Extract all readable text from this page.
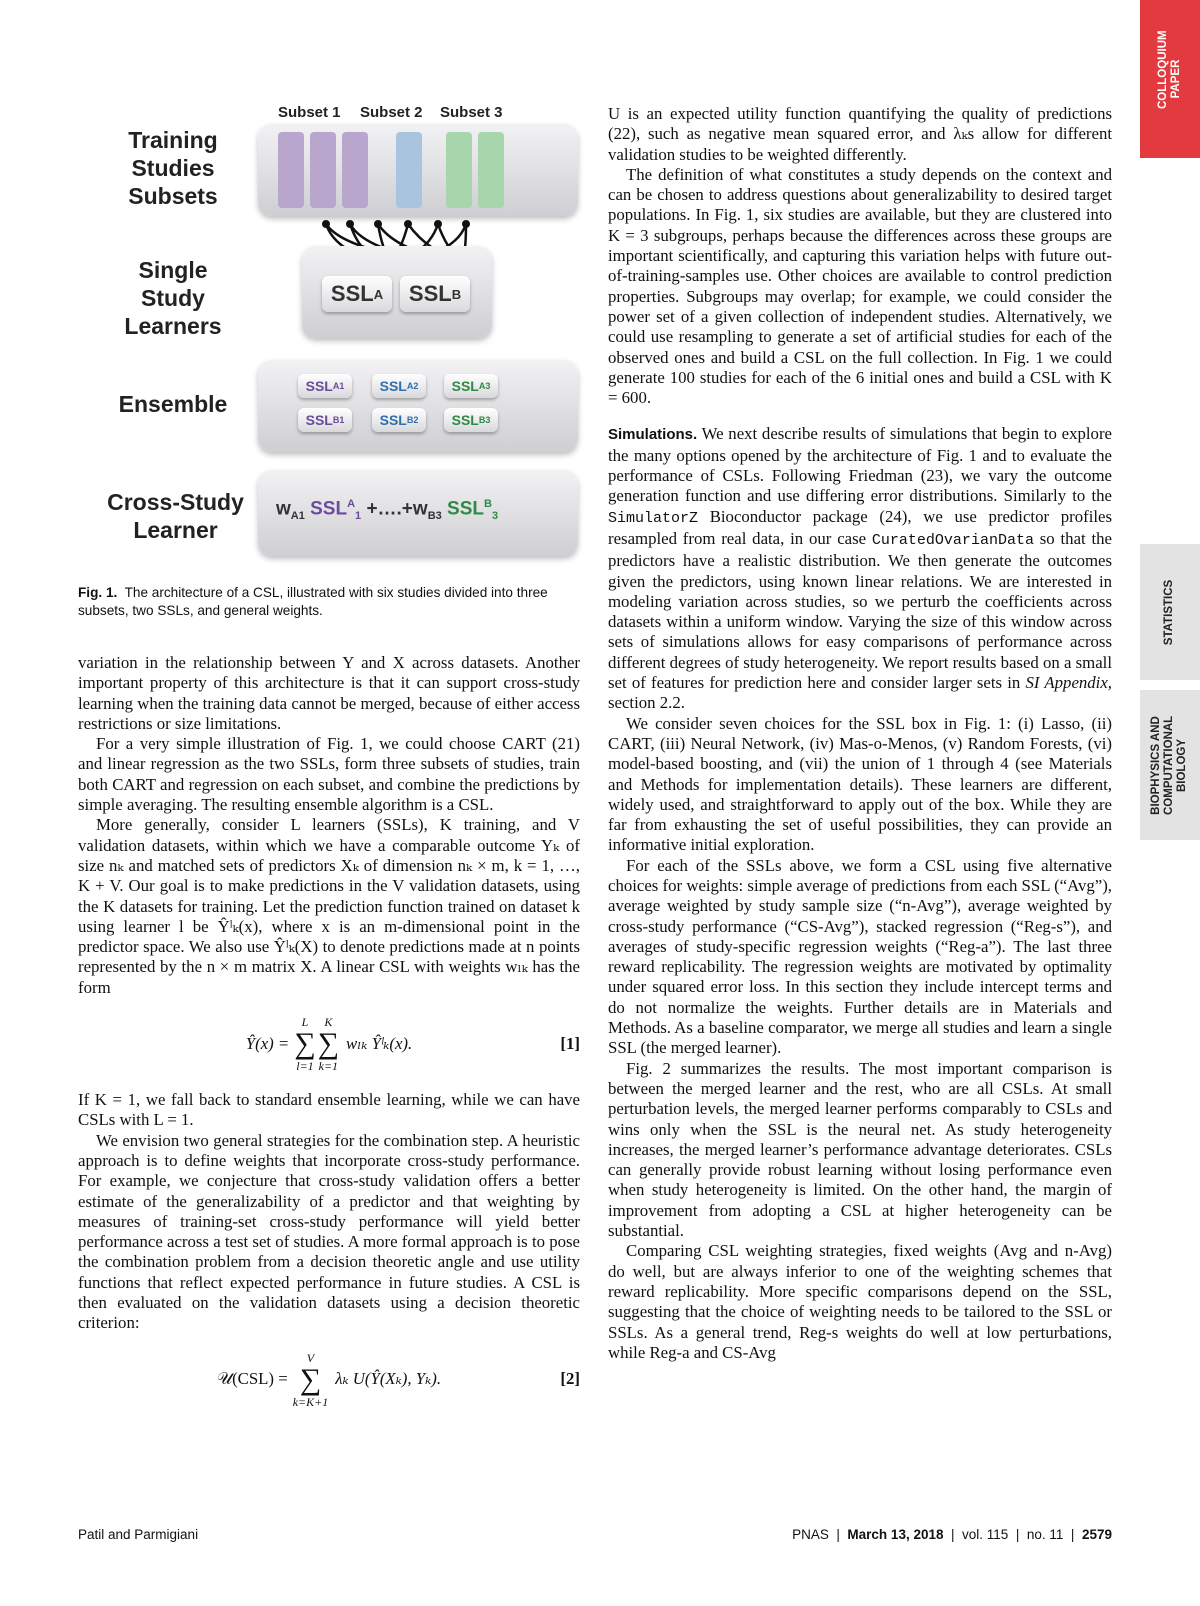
COLLOQUIUM PAPER
STATISTICS
BIOPHYSICS AND COMPUTATIONAL BIOLOGY
Training Studies Subsets
Single Study Learners
Ensemble
Cross-Study Learner
Subset 1 Subset 2 Subset 3
SSL A SSL B
SSL A 1	SSL A 2 SSL A 3
SSL B 1	SSL B 2 SSL B 3
$w_{A1}$ $SSL^A_1$ $+\dots.+w_{B3}$ $SSL^B_3$
Fig. 1. The architecture of a CSL, illustrated with six studies divided into three subsets, two SSLs, and general weights.

variation in the relationship between Y and X across datasets. Another important property of this architecture is that it can support cross-study learning when the training data cannot be merged, because of either access restrictions or size limitations.

For a very simple illustration of Fig. 1, we could choose CART (21) and linear regression as the two SSLs, form three subsets of studies, train both CART and regression on each subset, and combine the predictions by simple averaging. The resulting ensemble algorithm is a CSL.

More generally, consider L learners (SSLs), K training, and V validation datasets, within which we have a comparable outcome Yₖ of size nₖ and matched sets of predictors Xₖ of dimension nₖ × m, k = 1, …, K + V. Our goal is to make predictions in the V validation datasets, using the K datasets for training. Let the prediction function trained on dataset k using learner l be Ŷˡₖ(x), where x is an m-dimensional point in the predictor space. We also use Ŷˡₖ(X) to denote predictions made at n points represented by the n × m matrix X. A linear CSL with weights wₗₖ has the form

Ŷ(x) =
L
∑
l=1
K
∑
k=1
wₗₖ Ŷˡₖ(x).	[1]

If K = 1, we fall back to standard ensemble learning, while we can have CSLs with L = 1.

We envision two general strategies for the combination step. A heuristic approach is to define weights that incorporate cross-study performance. For example, we conjecture that cross-study validation offers a better estimate of the generalizability of a predictor and that weighting by measures of training-set cross-study performance will yield better performance across a test set of studies. A more formal approach is to pose the combination problem from a decision theoretic angle and use utility functions that reflect expected performance in future studies. A CSL is then evaluated on the validation datasets using a decision theoretic criterion:

𝒰(CSL) =
V
∑
k=K+1
λₖ U(Ŷ(Xₖ), Yₖ).	[2]

U is an expected utility function quantifying the quality of predictions (22), such as negative mean squared error, and λₖs allow for different validation studies to be weighted differently.

The definition of what constitutes a study depends on the context and can be chosen to address questions about generalizability to desired target populations. In Fig. 1, six studies are available, but they are clustered into K = 3 subgroups, perhaps because the differences across these groups are important scientifically, and capturing this variation helps with future out-of-training-samples use. Other choices are available to control prediction properties. Subgroups may overlap; for example, we could consider the power set of a given collection of independent studies. Alternatively, we could use resampling to generate a set of artificial studies for each of the observed ones and build a CSL on the full collection. In Fig. 1 we could generate 100 studies for each of the 6 initial ones and build a CSL with K = 600.

Simulations. We next describe results of simulations that begin to explore the many options opened by the architecture of Fig. 1 and to evaluate the performance of CSLs. Following Friedman (23), we vary the outcome generation function and use differing error distributions. Similarly to the SimulatorZ Bioconductor package (24), we use predictor profiles resampled from real data, in our case CuratedOvarianData so that the predictors have a realistic distribution. We then generate the outcomes given the predictors, using known linear relations. We are interested in modeling variation across studies, so we perturb the coefficients across datasets within a uniform window. Varying the size of this window across sets of simulations allows for easy comparisons of performance across different degrees of study heterogeneity. We report results based on a small set of features for prediction here and consider larger sets in SI Appendix, section 2.2.

We consider seven choices for the SSL box in Fig. 1: (i) Lasso, (ii) CART, (iii) Neural Network, (iv) Mas-o-Menos, (v) Random Forests, (vi) model-based boosting, and (vii) the union of 1 through 4 (see Materials and Methods for implementation details). These learners are different, widely used, and straightforward to apply out of the box. While they are far from exhausting the set of useful possibilities, they can provide an informative initial exploration.

For each of the SSLs above, we form a CSL using five alternative choices for weights: simple average of predictions from each SSL (“Avg”), average weighted by study sample size (“n-Avg”), average weighted by cross-study performance (“CS-Avg”), stacked regression (“Reg-s”), and averages of study-specific regression weights (“Reg-a”). The last three reward replicability. The regression weights are motivated by optimality under squared error loss. In this section they include intercept terms and do not normalize the weights. Further details are in Materials and Methods. As a baseline comparator, we merge all studies and learn a single SSL (the merged learner).

Fig. 2 summarizes the results. The most important comparison is between the merged learner and the rest, who are all CSLs. At small perturbation levels, the merged learner performs comparably to CSLs and wins only when the SSL is the neural net. As study heterogeneity increases, the merged learner’s performance advantage deteriorates. CSLs can generally provide robust learning without losing performance even when study heterogeneity is limited. On the other hand, the margin of improvement from adopting a CSL at higher heterogeneity can be substantial.

Comparing CSL weighting strategies, fixed weights (Avg and n-Avg) do well, but are always inferior to one of the weighting schemes that reward replicability. More specific comparisons depend on the SSL, suggesting that the choice of weighting needs to be tailored to the SSL or SSLs. As a general trend, Reg-s weights do well at low perturbations, while Reg-a and CS-Avg

Patil and Parmigiani	PNAS | March 13, 2018 | vol. 115 | no. 11 | 2579
